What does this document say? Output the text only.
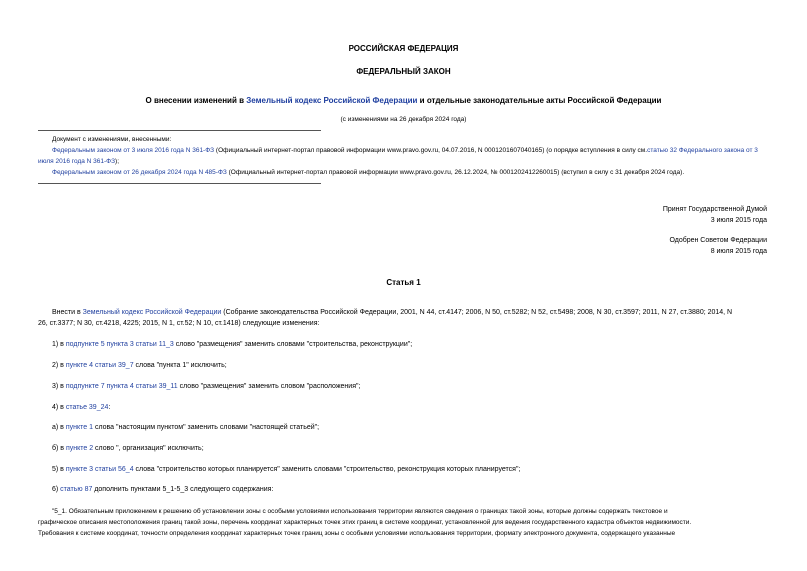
РОССИЙСКАЯ ФЕДЕРАЦИЯ
ФЕДЕРАЛЬНЫЙ ЗАКОН
О внесении изменений в Земельный кодекс Российской Федерации и отдельные законодательные акты Российской Федерации
(с изменениями на 26 декабря 2024 года)
Документ с изменениями, внесенными:
Федеральным законом от 3 июля 2016 года N 361-ФЗ (Официальный интернет-портал правовой информации www.pravo.gov.ru, 04.07.2016, N 0001201607040165) (о порядке вступления в силу см.статью 32 Федерального закона от 3 июля 2016 года N 361-ФЗ);
Федеральным законом от 26 декабря 2024 года N 485-ФЗ (Официальный интернет-портал правовой информации www.pravo.gov.ru, 26.12.2024, № 0001202412260015) (вступил в силу с 31 декабря 2024 года).
Принят Государственной Думой
3 июля 2015 года
Одобрен Советом Федерации
8 июля 2015 года
Статья 1
Внести в Земельный кодекс Российской Федерации (Собрание законодательства Российской Федерации, 2001, N 44, ст.4147; 2006, N 50, ст.5282; N 52, ст.5498; 2008, N 30, ст.3597; 2011, N 27, ст.3880; 2014, N
26, ст.3377; N 30, ст.4218, 4225; 2015, N 1, ст.52; N 10, ст.1418) следующие изменения:
1) в подпункте 5 пункта 3 статьи 11_3 слово "размещения" заменить словами "строительства, реконструкции";
2) в пункте 4 статьи 39_7 слова "пункта 1" исключить;
3) в подпункте 7 пункта 4 статьи 39_11 слово "размещения" заменить словом "расположения";
4) в статье 39_24:
а) в пункте 1 слова "настоящим пунктом" заменить словами "настоящей статьей";
б) в пункте 2 слово ", организация" исключить;
5) в пункте 3 статьи 56_4 слова "строительство которых планируется" заменить словами "строительство, реконструкция которых планируется";
6) статью 87 дополнить пунктами 5_1-5_3 следующего содержания:
"5_1. Обязательным приложением к решению об установлении зоны с особыми условиями использования территории являются сведения о границах такой зоны, которые должны содержать текстовое и
графическое описания местоположения границ такой зоны, перечень координат характерных точек этих границ в системе координат, установленной для ведения государственного кадастра объектов недвижимости.
Требования к системе координат, точности определения координат характерных точек границ зоны с особыми условиями использования территории, формату электронного документа, содержащего указанные
